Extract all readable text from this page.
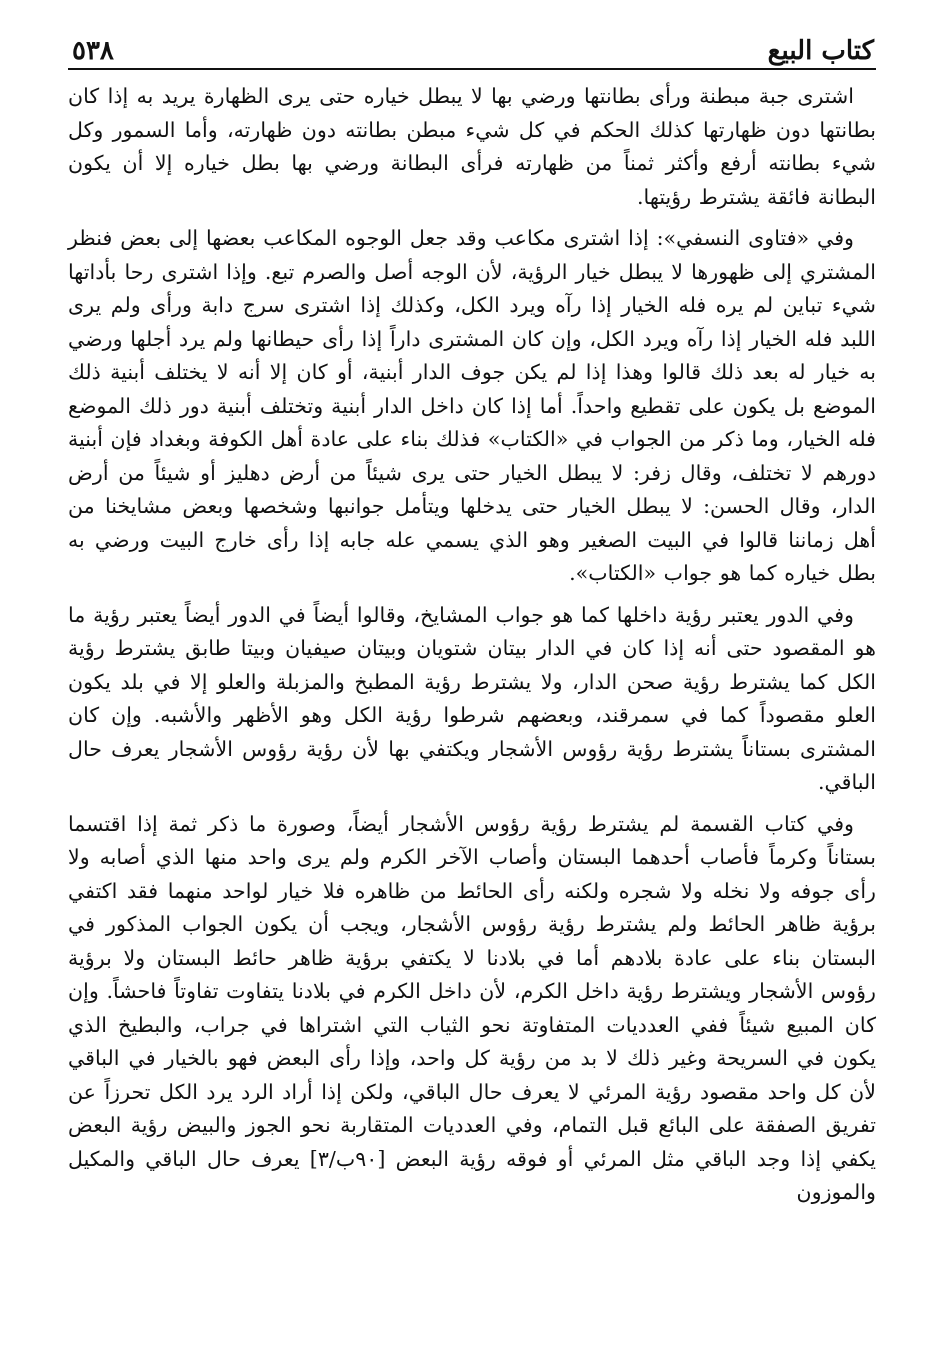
كتاب البيع
٥٣٨

اشترى جبة مبطنة ورأى بطانتها ورضي بها لا يبطل خياره حتى يرى الظهارة يريد به إذا كان بطانتها دون ظهارتها كذلك الحكم في كل شيء مبطن بطانته دون ظهارته، وأما السمور وكل شيء بطانته أرفع وأكثر ثمناً من ظهارته فرأى البطانة ورضي بها بطل خياره إلا أن يكون البطانة فائقة يشترط رؤيتها.

وفي «فتاوى النسفي»: إذا اشترى مكاعب وقد جعل الوجوه المكاعب بعضها إلى بعض فنظر المشتري إلى ظهورها لا يبطل خيار الرؤية، لأن الوجه أصل والصرم تبع. وإذا اشترى رحا بأداتها شيء تباين لم يره فله الخيار إذا رآه ويرد الكل، وكذلك إذا اشترى سرج دابة ورأى ولم يرى اللبد فله الخيار إذا رآه ويرد الكل، وإن كان المشترى داراً إذا رأى حيطانها ولم يرد أجلها ورضي به خيار له بعد ذلك قالوا وهذا إذا لم يكن جوف الدار أبنية، أو كان إلا أنه لا يختلف أبنية ذلك الموضع بل يكون على تقطيع واحداً. أما إذا كان داخل الدار أبنية وتختلف أبنية دور ذلك الموضع فله الخيار، وما ذكر من الجواب في «الكتاب» فذلك بناء على عادة أهل الكوفة وبغداد فإن أبنية دورهم لا تختلف، وقال زفر: لا يبطل الخيار حتى يرى شيئاً من أرض دهليز أو شيئاً من أرض الدار، وقال الحسن: لا يبطل الخيار حتى يدخلها ويتأمل جوانبها وشخصها وبعض مشايخنا من أهل زماننا قالوا في البيت الصغير وهو الذي يسمي عله جابه إذا رأى خارج البيت ورضي به بطل خياره كما هو جواب «الكتاب».

وفي الدور يعتبر رؤية داخلها كما هو جواب المشايخ، وقالوا أيضاً في الدور أيضاً يعتبر رؤية ما هو المقصود حتى أنه إذا كان في الدار بيتان شتويان وبيتان صيفيان وبيتا طابق يشترط رؤية الكل كما يشترط رؤية صحن الدار، ولا يشترط رؤية المطبخ والمزبلة والعلو إلا في بلد يكون العلو مقصوداً كما في سمرقند، وبعضهم شرطوا رؤية الكل وهو الأظهر والأشبه. وإن كان المشترى بستاناً يشترط رؤية رؤوس الأشجار ويكتفي بها لأن رؤية رؤوس الأشجار يعرف حال الباقي.

وفي كتاب القسمة لم يشترط رؤية رؤوس الأشجار أيضاً، وصورة ما ذكر ثمة إذا اقتسما بستاناً وكرماً فأصاب أحدهما البستان وأصاب الآخر الكرم ولم يرى واحد منها الذي أصابه ولا رأى جوفه ولا نخله ولا شجره ولكنه رأى الحائط من ظاهره فلا خيار لواحد منهما فقد اكتفي برؤية ظاهر الحائط ولم يشترط رؤية رؤوس الأشجار، ويجب أن يكون الجواب المذكور في البستان بناء على عادة بلادهم أما في بلادنا لا يكتفي برؤية ظاهر حائط البستان ولا برؤية رؤوس الأشجار ويشترط رؤية داخل الكرم، لأن داخل الكرم في بلادنا يتفاوت تفاوتاً فاحشاً. وإن كان المبيع شيئاً ففي العدديات المتفاوتة نحو الثياب التي اشتراها في جراب، والبطيخ الذي يكون في السريحة وغير ذلك لا بد من رؤية كل واحد، وإذا رأى البعض فهو بالخيار في الباقي لأن كل واحد مقصود رؤية المرئي لا يعرف حال الباقي، ولكن إذا أراد الرد يرد الكل تحرزاً عن تفريق الصفقة على البائع قبل التمام، وفي العدديات المتقاربة نحو الجوز والبيض رؤية البعض يكفي إذا وجد الباقي مثل المرئي أو فوقه رؤية البعض [٩٠ب/٣] يعرف حال الباقي والمكيل والموزون
